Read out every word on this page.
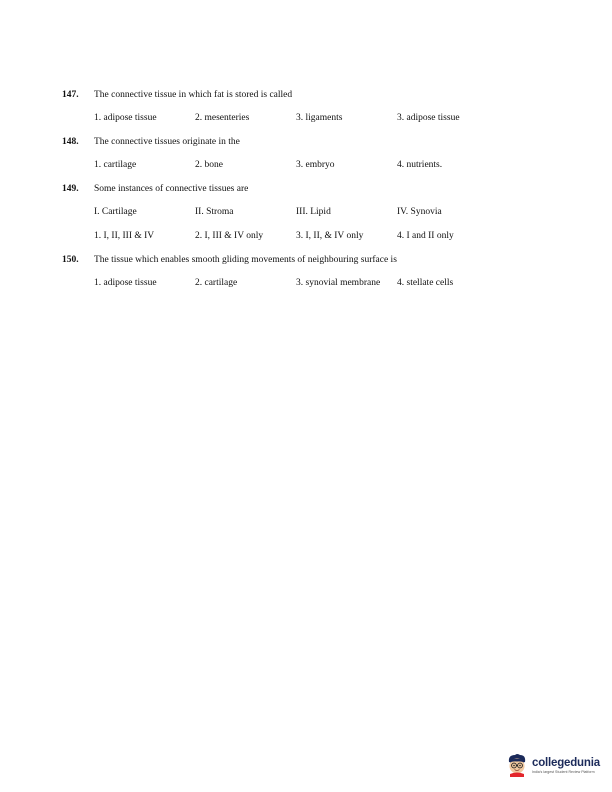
147.	The connective tissue in which fat is stored is called
1. adipose tissue	2. mesenteries	3. ligaments	3. adipose tissue
148.	The connective tissues originate in the
1. cartilage	2. bone	3. embryo	4. nutrients.
149.	Some instances of connective tissues are
I. Cartilage	II. Stroma	III. Lipid	IV. Synovia
1. I, II, III & IV	2. I, III & IV only	3. I, II, & IV only	4. I and II only
150.	The tissue which enables smooth gliding movements of neighbouring surface is
1. adipose tissue	2. cartilage	3. synovial membrane	4. stellate cells
collegedunia
India's largest Student Review Platform
